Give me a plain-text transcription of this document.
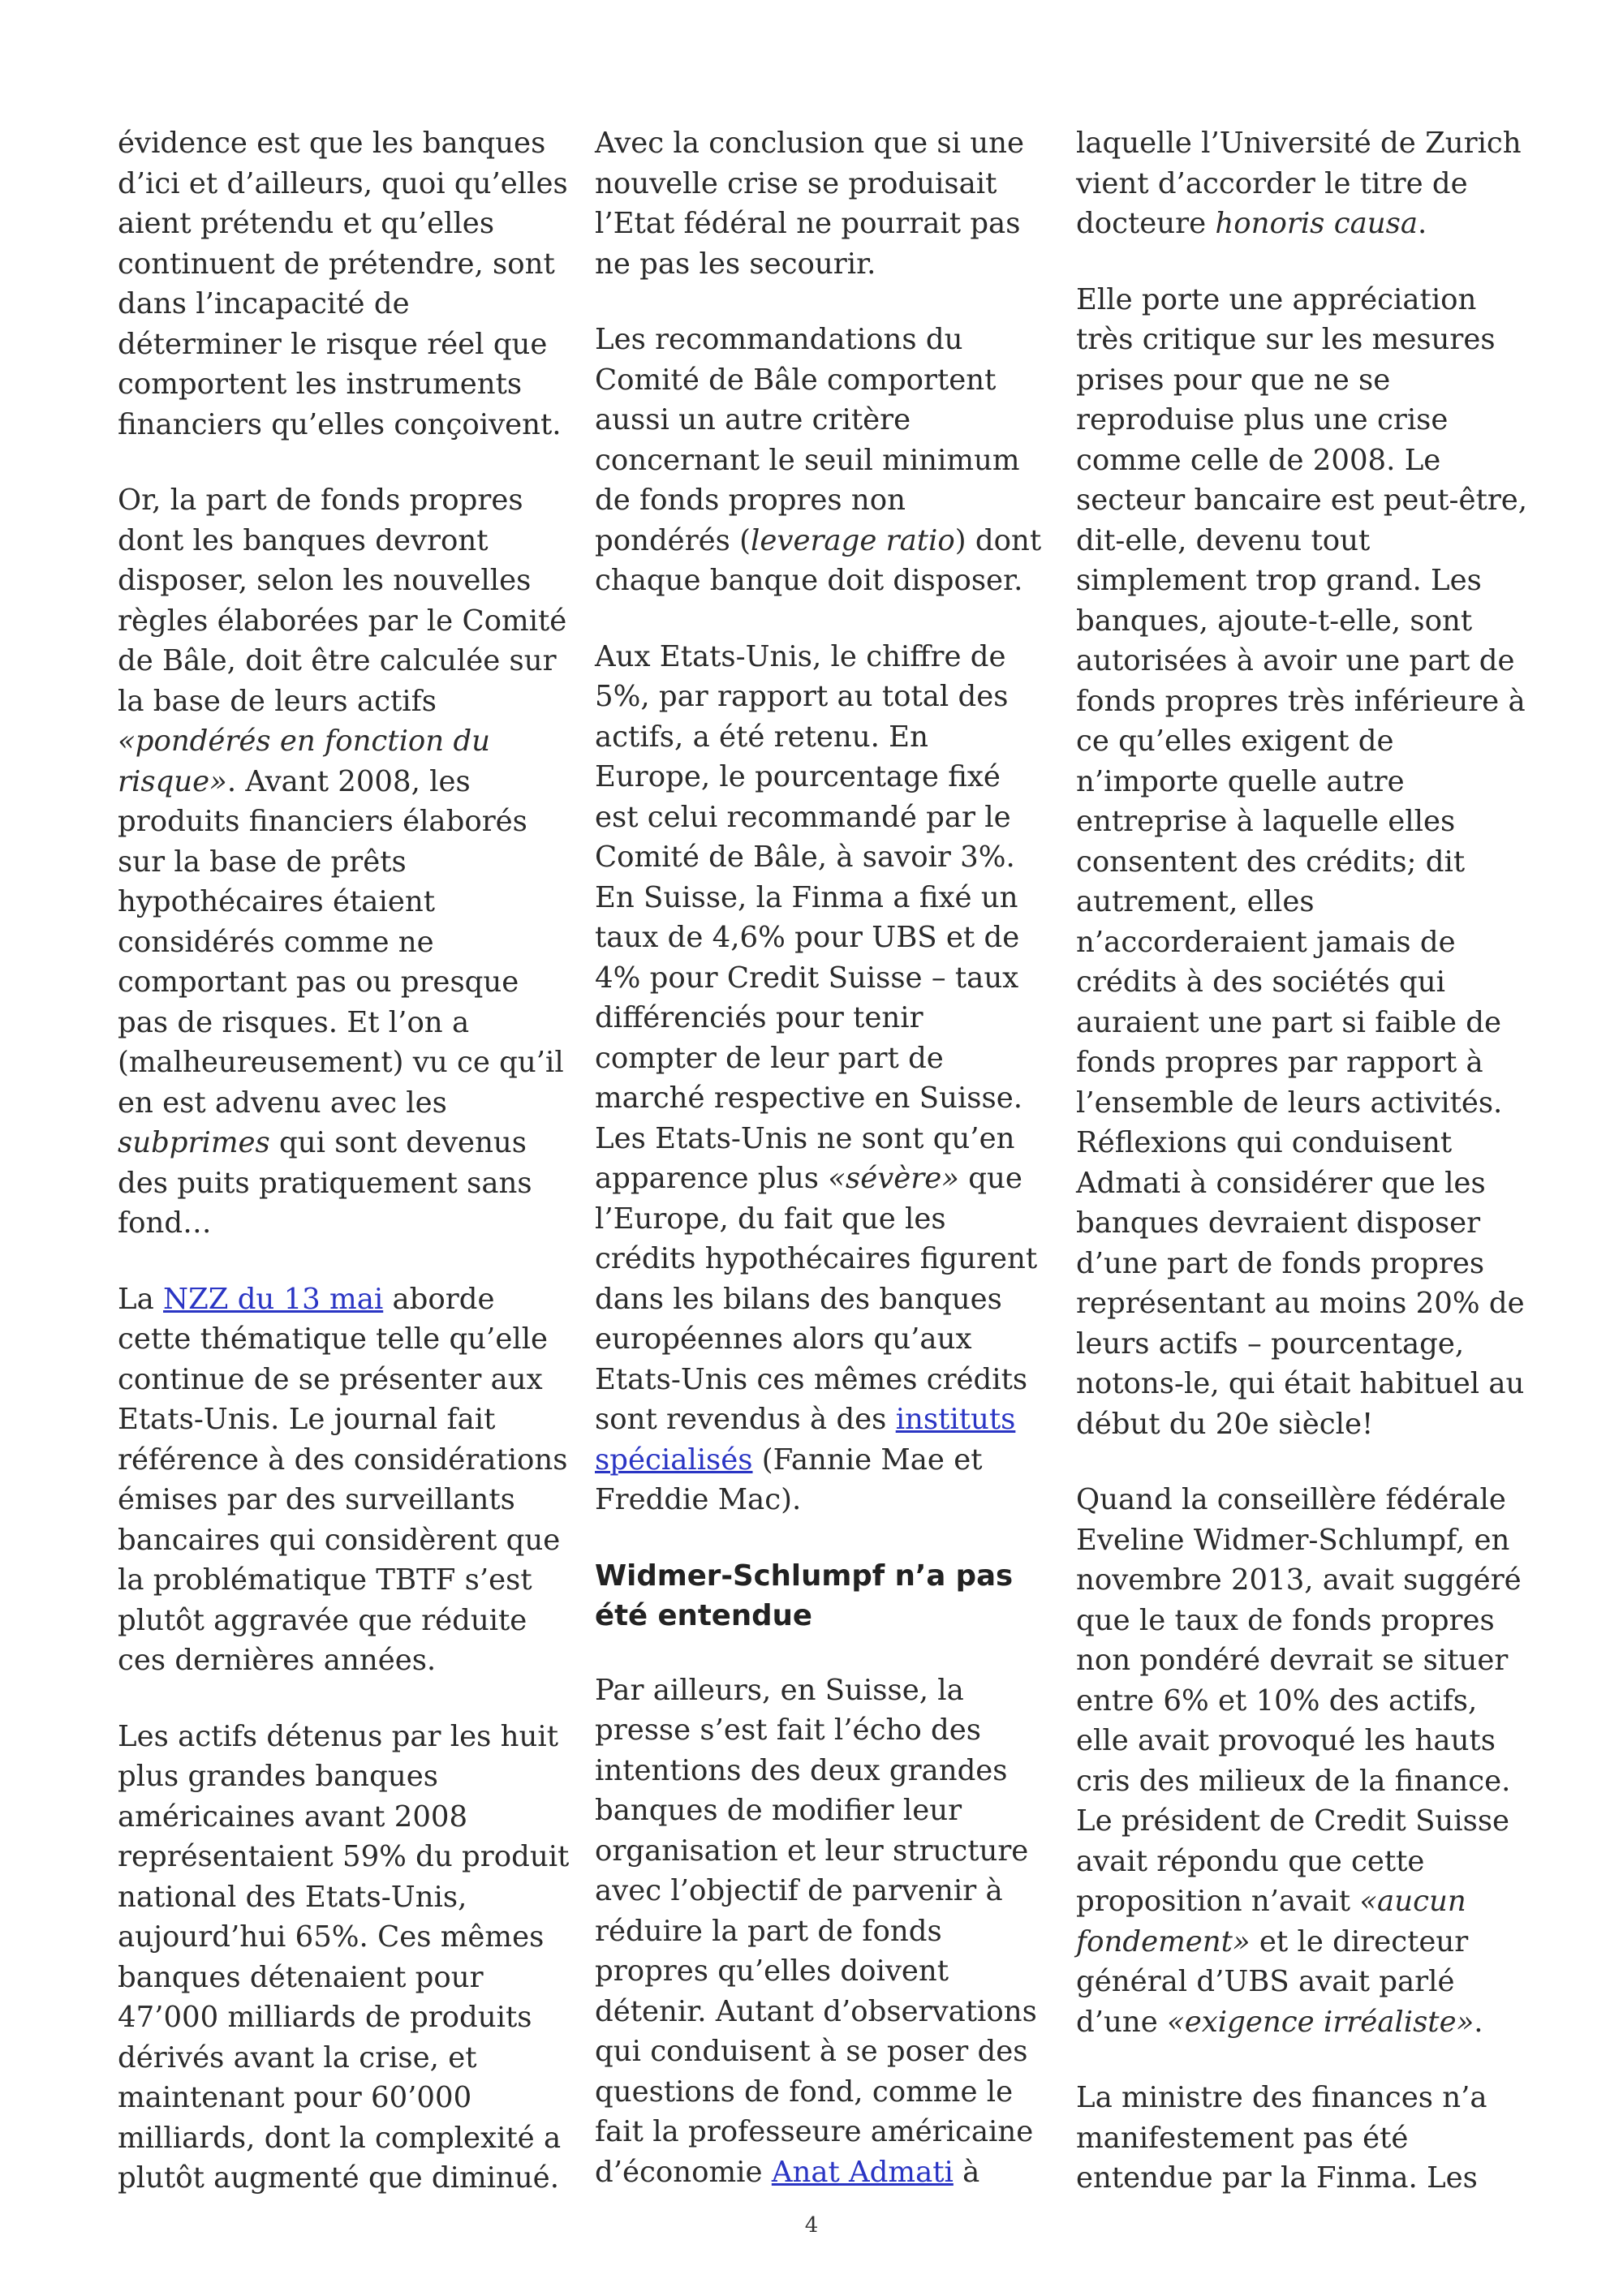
évidence est que les banques d’ici et d’ailleurs, quoi qu’elles aient prétendu et qu’elles continuent de prétendre, sont dans l’incapacité de déterminer le risque réel que comportent les instruments financiers qu’elles conçoivent.

Or, la part de fonds propres dont les banques devront disposer, selon les nouvelles règles élaborées par le Comité de Bâle, doit être calculée sur la base de leurs actifs «pondérés en fonction du risque». Avant 2008, les produits financiers élaborés sur la base de prêts hypothécaires étaient considérés comme ne comportant pas ou presque pas de risques. Et l’on a (malheureusement) vu ce qu’il en est advenu avec les subprimes qui sont devenus des puits pratiquement sans fond…

La NZZ du 13 mai aborde cette thématique telle qu’elle continue de se présenter aux Etats-Unis. Le journal fait référence à des considérations émises par des surveillants bancaires qui considèrent que la problématique TBTF s’est plutôt aggravée que réduite ces dernières années.

Les actifs détenus par les huit plus grandes banques américaines avant 2008 représentaient 59% du produit national des Etats-Unis, aujourd’hui 65%. Ces mêmes banques détenaient pour 47’000 milliards de produits dérivés avant la crise, et maintenant pour 60’000 milliards, dont la complexité a plutôt augmenté que diminué.

Avec la conclusion que si une nouvelle crise se produisait l’Etat fédéral ne pourrait pas ne pas les secourir.

Les recommandations du Comité de Bâle comportent aussi un autre critère concernant le seuil minimum de fonds propres non pondérés (leverage ratio) dont chaque banque doit disposer.

Aux Etats-Unis, le chiffre de 5%, par rapport au total des actifs, a été retenu. En Europe, le pourcentage fixé est celui recommandé par le Comité de Bâle, à savoir 3%. En Suisse, la Finma a fixé un taux de 4,6% pour UBS et de 4% pour Credit Suisse – taux différenciés pour tenir compter de leur part de marché respective en Suisse. Les Etats-Unis ne sont qu’en apparence plus «sévère» que l’Europe, du fait que les crédits hypothécaires figurent dans les bilans des banques européennes alors qu’aux Etats-Unis ces mêmes crédits sont revendus à des instituts spécialisés (Fannie Mae et Freddie Mac).

Widmer-Schlumpf n’a pas été entendue

Par ailleurs, en Suisse, la presse s’est fait l’écho des intentions des deux grandes banques de modifier leur organisation et leur structure avec l’objectif de parvenir à réduire la part de fonds propres qu’elles doivent détenir. Autant d’observations qui conduisent à se poser des questions de fond, comme le fait la professeure américaine d’économie Anat Admati à

laquelle l’Université de Zurich vient d’accorder le titre de docteure honoris causa.

Elle porte une appréciation très critique sur les mesures prises pour que ne se reproduise plus une crise comme celle de 2008. Le secteur bancaire est peut-être, dit-elle, devenu tout simplement trop grand. Les banques, ajoute-t-elle, sont autorisées à avoir une part de fonds propres très inférieure à ce qu’elles exigent de n’importe quelle autre entreprise à laquelle elles consentent des crédits; dit autrement, elles n’accorderaient jamais de crédits à des sociétés qui auraient une part si faible de fonds propres par rapport à l’ensemble de leurs activités. Réflexions qui conduisent Admati à considérer que les banques devraient disposer d’une part de fonds propres représentant au moins 20% de leurs actifs – pourcentage, notons-le, qui était habituel au début du 20e siècle!

Quand la conseillère fédérale Eveline Widmer-Schlumpf, en novembre 2013, avait suggéré que le taux de fonds propres non pondéré devrait se situer entre 6% et 10% des actifs, elle avait provoqué les hauts cris des milieux de la finance. Le président de Credit Suisse avait répondu que cette proposition n’avait «aucun fondement» et le directeur général d’UBS avait parlé d’une «exigence irréaliste».

La ministre des finances n’a manifestement pas été entendue par la Finma. Les

4
